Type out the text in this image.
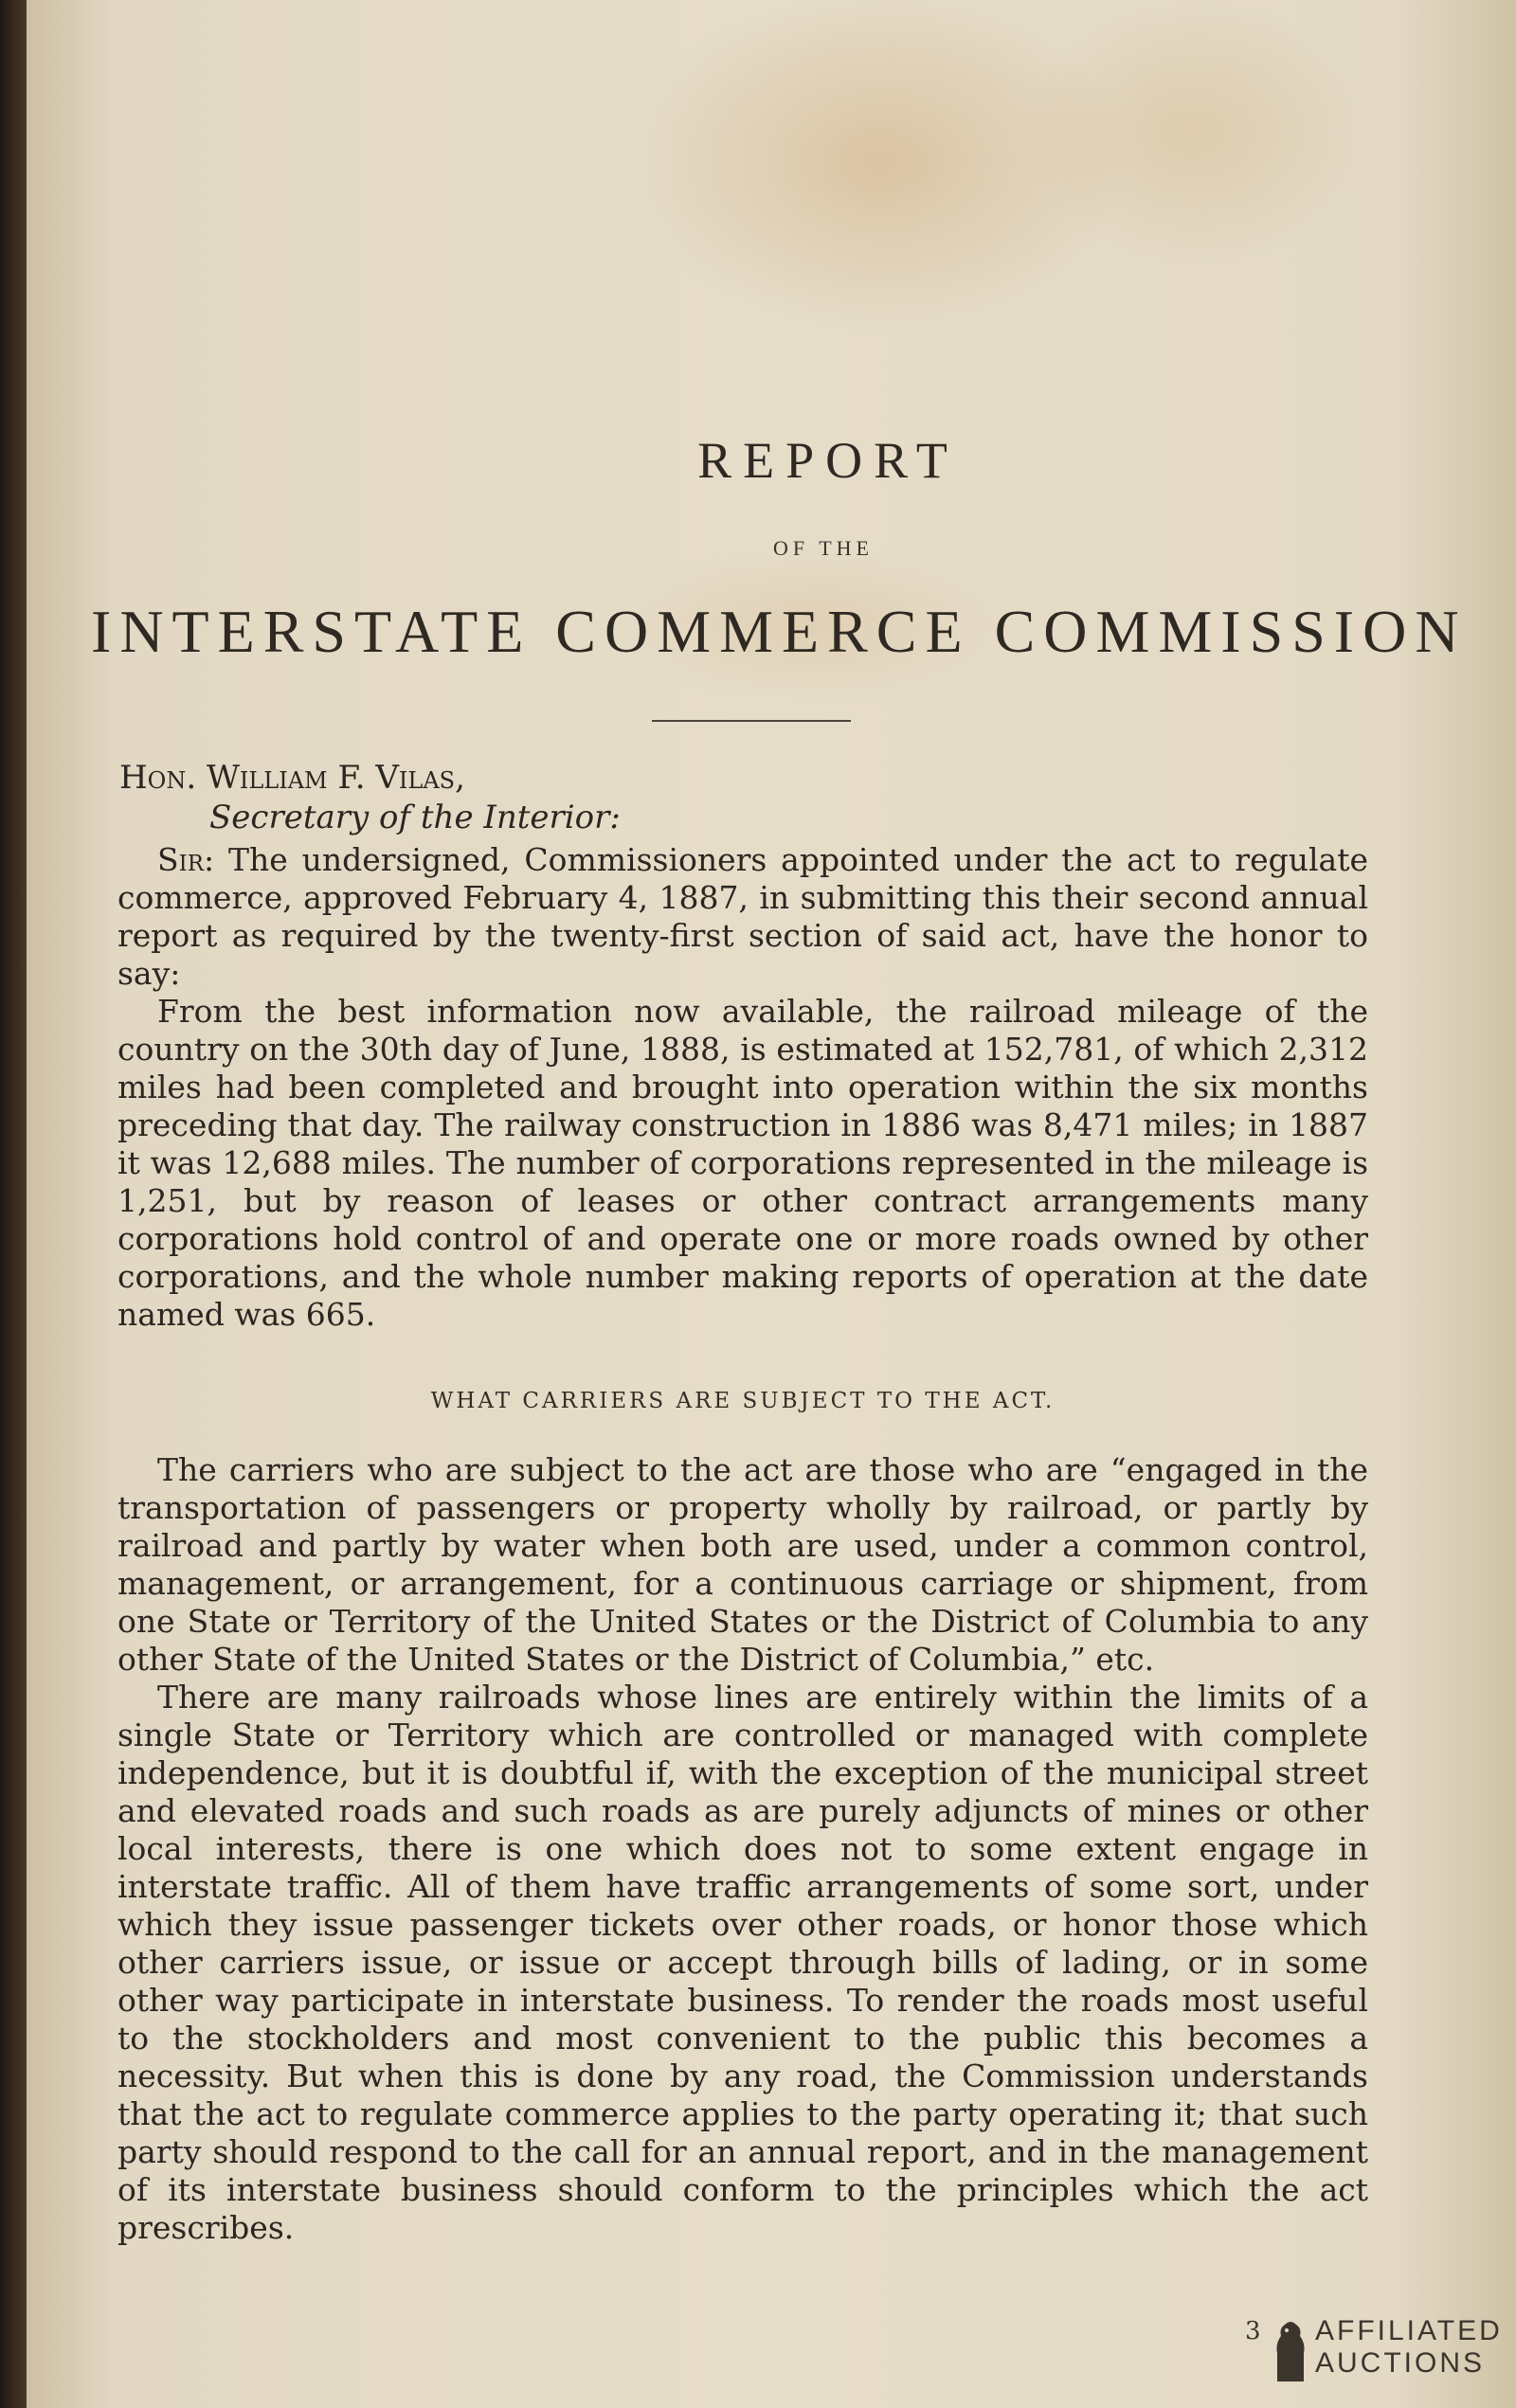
REPORT
OF THE
INTERSTATE COMMERCE COMMISSION
Hon. William F. Vilas,
Secretary of the Interior:

Sir: The undersigned, Commissioners appointed under the act to regulate commerce, approved February 4, 1887, in submitting this their second annual report as required by the twenty-first section of said act, have the honor to say:

From the best information now available, the railroad mileage of the country on the 30th day of June, 1888, is estimated at 152,781, of which 2,312 miles had been completed and brought into operation within the six months preceding that day. The railway construction in 1886 was 8,471 miles; in 1887 it was 12,688 miles. The number of corporations represented in the mileage is 1,251, but by reason of leases or other contract arrangements many corporations hold control of and operate one or more roads owned by other corporations, and the whole number making reports of operation at the date named was 665.

WHAT CARRIERS ARE SUBJECT TO THE ACT.

The carriers who are subject to the act are those who are “engaged in the transportation of passengers or property wholly by railroad, or partly by railroad and partly by water when both are used, under a common control, management, or arrangement, for a continuous carriage or shipment, from one State or Territory of the United States or the District of Columbia to any other State of the United States or the District of Columbia,” etc.

There are many railroads whose lines are entirely within the limits of a single State or Territory which are controlled or managed with complete independence, but it is doubtful if, with the exception of the municipal street and elevated roads and such roads as are purely adjuncts of mines or other local interests, there is one which does not to some extent engage in interstate traffic. All of them have traffic arrangements of some sort, under which they issue passenger tickets over other roads, or honor those which other carriers issue, or issue or accept through bills of lading, or in some other way participate in interstate business. To render the roads most useful to the stockholders and most convenient to the public this becomes a necessity. But when this is done by any road, the Commission understands that the act to regulate commerce applies to the party operating it; that such party should respond to the call for an annual report, and in the management of its interstate business should conform to the principles which the act prescribes.

3 AFFILIATED
AUCTIONS
